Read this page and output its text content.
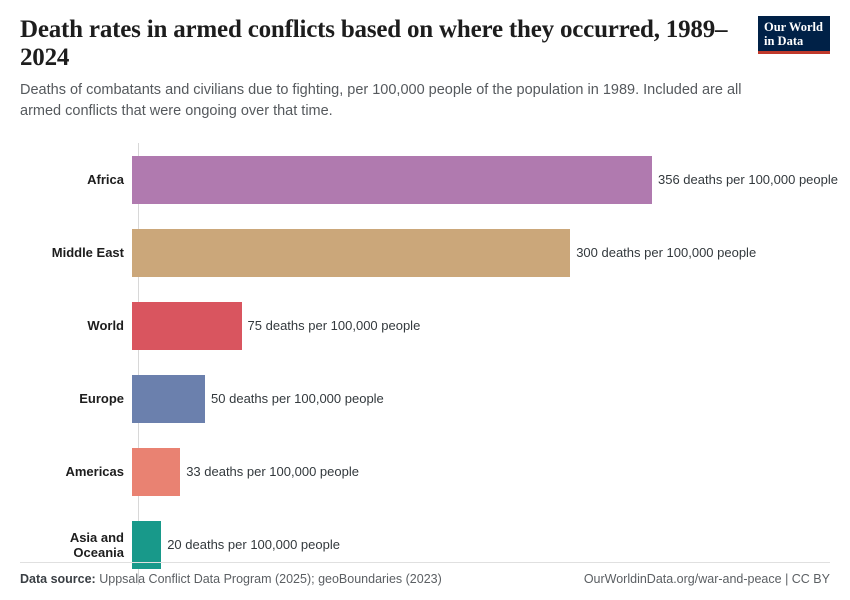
Death rates in armed conflicts based on where they occurred, 1989–2024

Deaths of combatants and civilians due to fighting, per 100,000 people of the population in 1989. Included are all armed conflicts that were ongoing over that time.

Our World
in Data
Africa	356 deaths per 100,000 people
Middle East	300 deaths per 100,000 people
World	75 deaths per 100,000 people
Europe	50 deaths per 100,000 people
Americas	33 deaths per 100,000 people
Asia and Oceania	20 deaths per 100,000 people
Data source: Uppsala Conflict Data Program (2025); geoBoundaries (2023)	OurWorldinData.org/war-and-peace | CC BY
